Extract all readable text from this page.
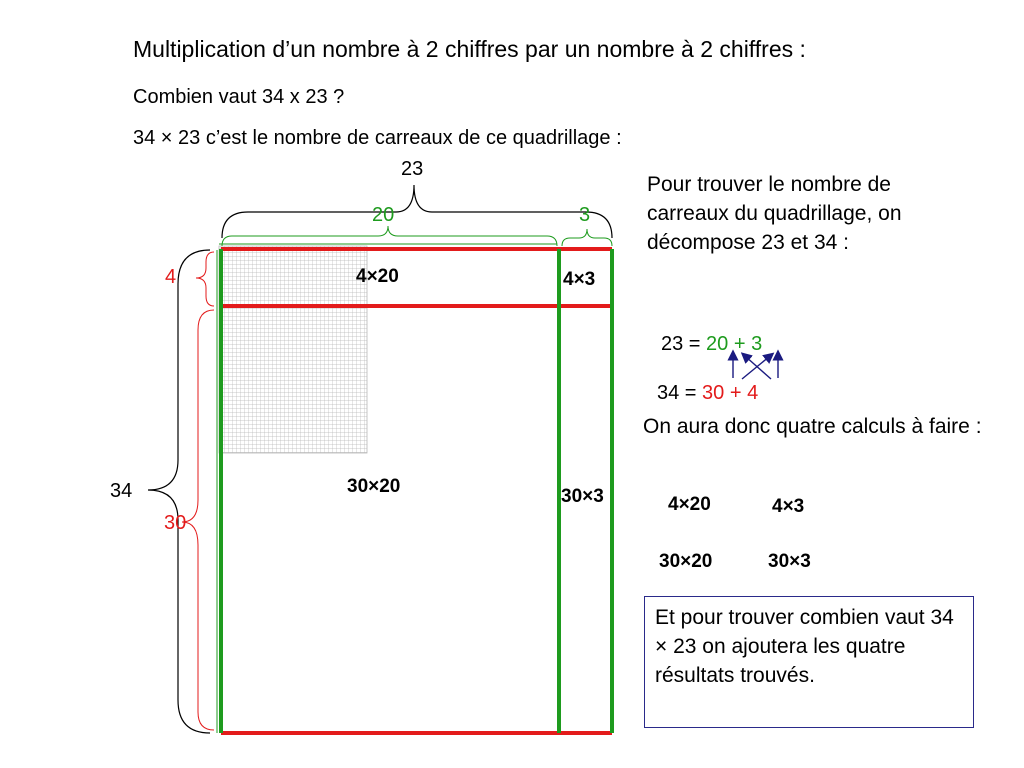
Multiplication d’un nombre à 2 chiffres par un nombre à 2 chiffres :
Combien vaut 34 x 23 ?
34 × 23 c’est le nombre de carreaux de ce quadrillage :
23
20	3
34
4
30
4×20	4×3
30×20	30×3
Pour trouver le nombre de carreaux du quadrillage, on décompose 23 et 34 :
23 = 20 + 3
34 = 30 + 4
On aura donc quatre calculs à faire :
4×20	4×3
30×20	30×3
Et pour trouver combien vaut 34 × 23 on ajoutera les quatre résultats trouvés.
